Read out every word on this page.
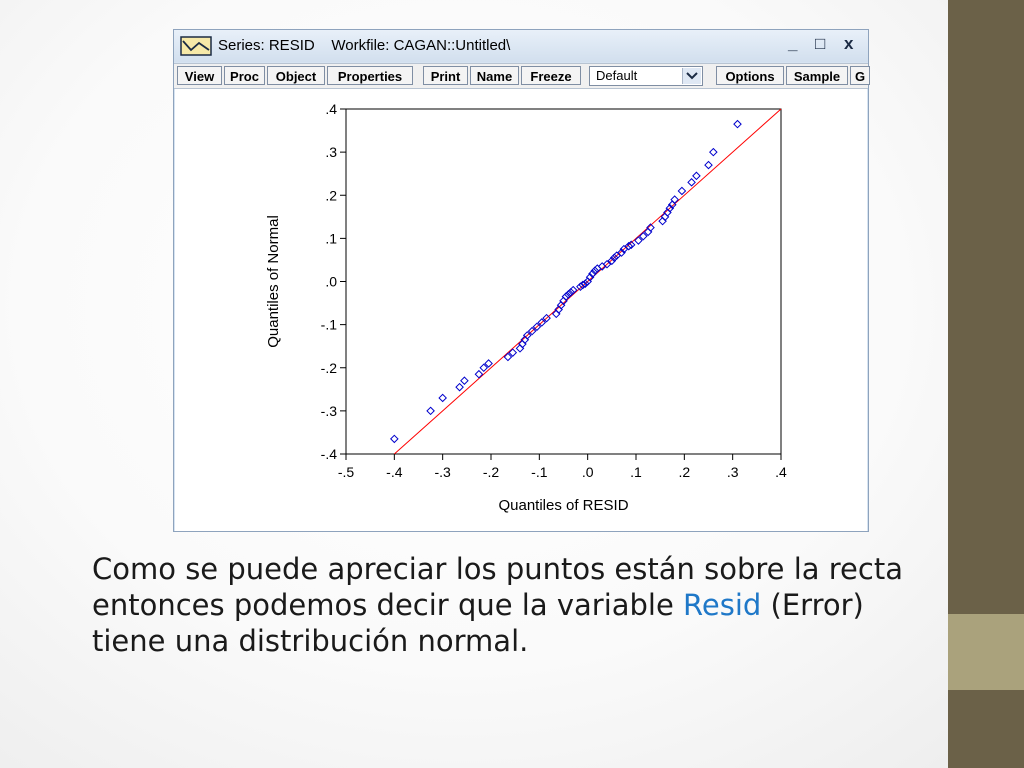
Series: RESID    Workfile: CAGAN::Untitled\	_ □ x
View	Proc	Object	Properties	Print	Name	Freeze	Default	Options	Sample	G
-.5 -.4 -.3 -.2 -.1 .0	.1	.2	.3	.4
.4
.3
.2
.1
.0
-.1
-.2
-.3
-.4
Quantiles of RESID
Quantiles of Normal
Como se puede apreciar los puntos están sobre la recta entonces podemos decir que la variable Resid (Error) tiene una distribución normal.
